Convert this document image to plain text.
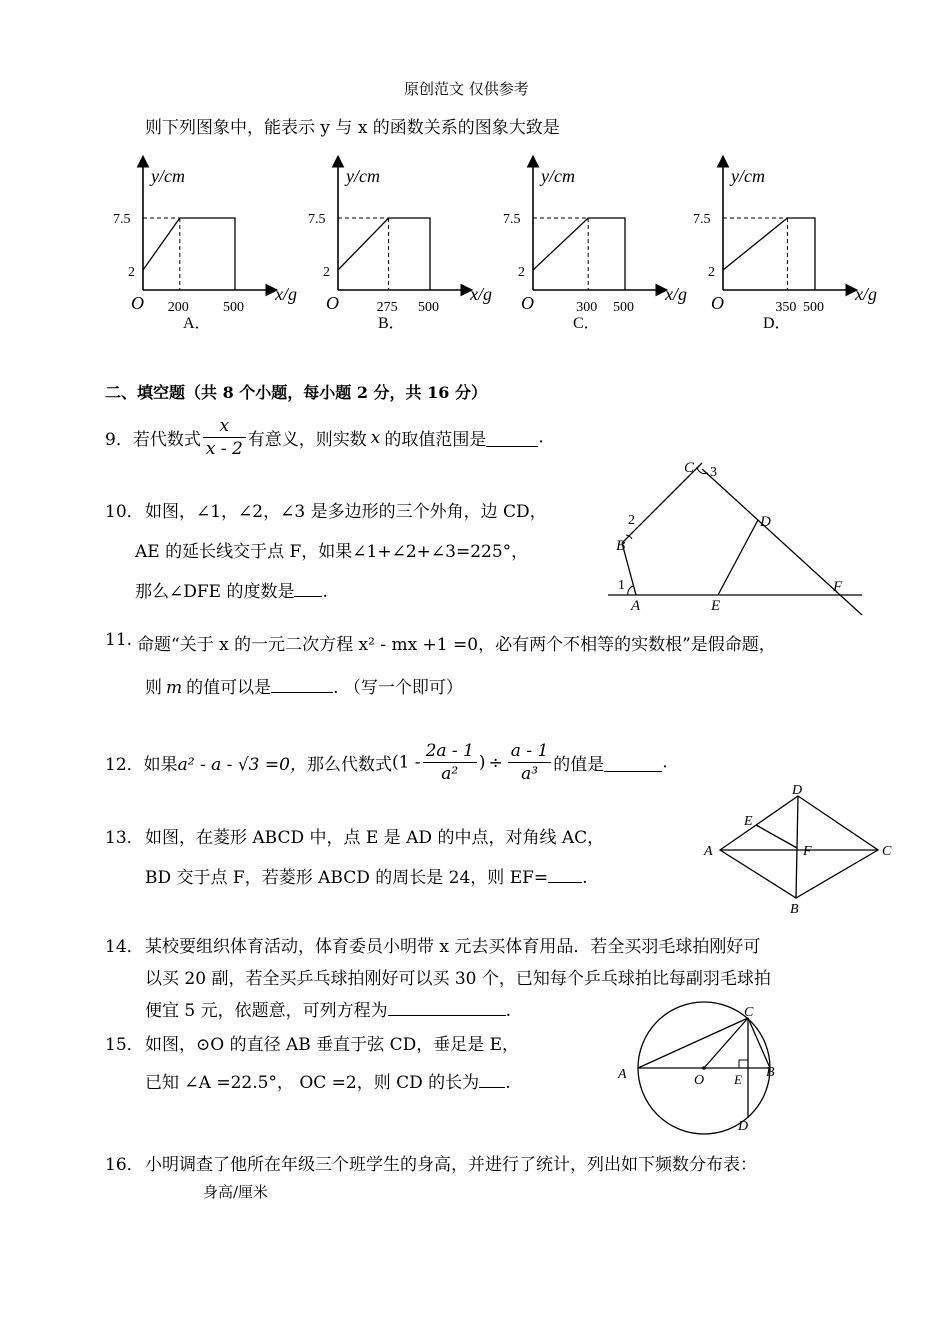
原创范文 仅供参考
则下列图象中，能表示 y 与 x 的函数关系的图象大致是
y/cm
x/g
O
7.5
2
200 500
A．
y/cm
x/g
O
7.5
2
275 500
B．
y/cm
x/g
O
7.5
2
300 500
C．
y/cm
x/g
O
7.5
2
350 500
D．
二、填空题（共 8 个小题，每小题 2 分，共 16 分）
9．若代数式 $\frac{x}{x - 2}$ 有意义，则实数 x 的取值范围是	.
10． 如图，∠1，∠2，∠3 是多边形的三个外角，边 CD，
AE 的延长线交于点 F，如果∠1+∠2+∠3=225°，
那么∠DFE 的度数是 .
A
B
C
D
E
F
1
2
3
11. 命题“关于 x 的一元二次方程 x² - mx +1 =0，必有两个不相等的实数根”是假命题，
则 m 的值可以是	. （写一个即可）
12．如果a² - a - √3 =0，那么代数式($1 - \frac{2a - 1}{\text{a²}}$ ) ÷ $\frac{a - 1}{\text{a³}}$ 的值是	.
13． 如图，在菱形 ABCD 中，点 E 是 AD 的中点，对角线 AC，
BD 交于点 F，若菱形 ABCD 的周长是 24，则 EF= .
A
D
C
B
E
F
14． 某校要组织体育活动，体育委员小明带 x 元去买体育用品．若全买羽毛球拍刚好可
以买 20 副，若全买乒乓球拍刚好可以买 30 个，已知每个乒乓球拍比每副羽毛球拍
便宜 5 元，依题意，可列方程为	.
15． 如图，⊙O 的直径 AB 垂直于弦 CD，垂足是 E，
已知 ∠A =22.5°， OC =2，则 CD 的长为 .	A	B
C
D
E
O
16． 小明调查了他所在年级三个班学生的身高，并进行了统计，列出如下频数分布表：
身高/厘米
